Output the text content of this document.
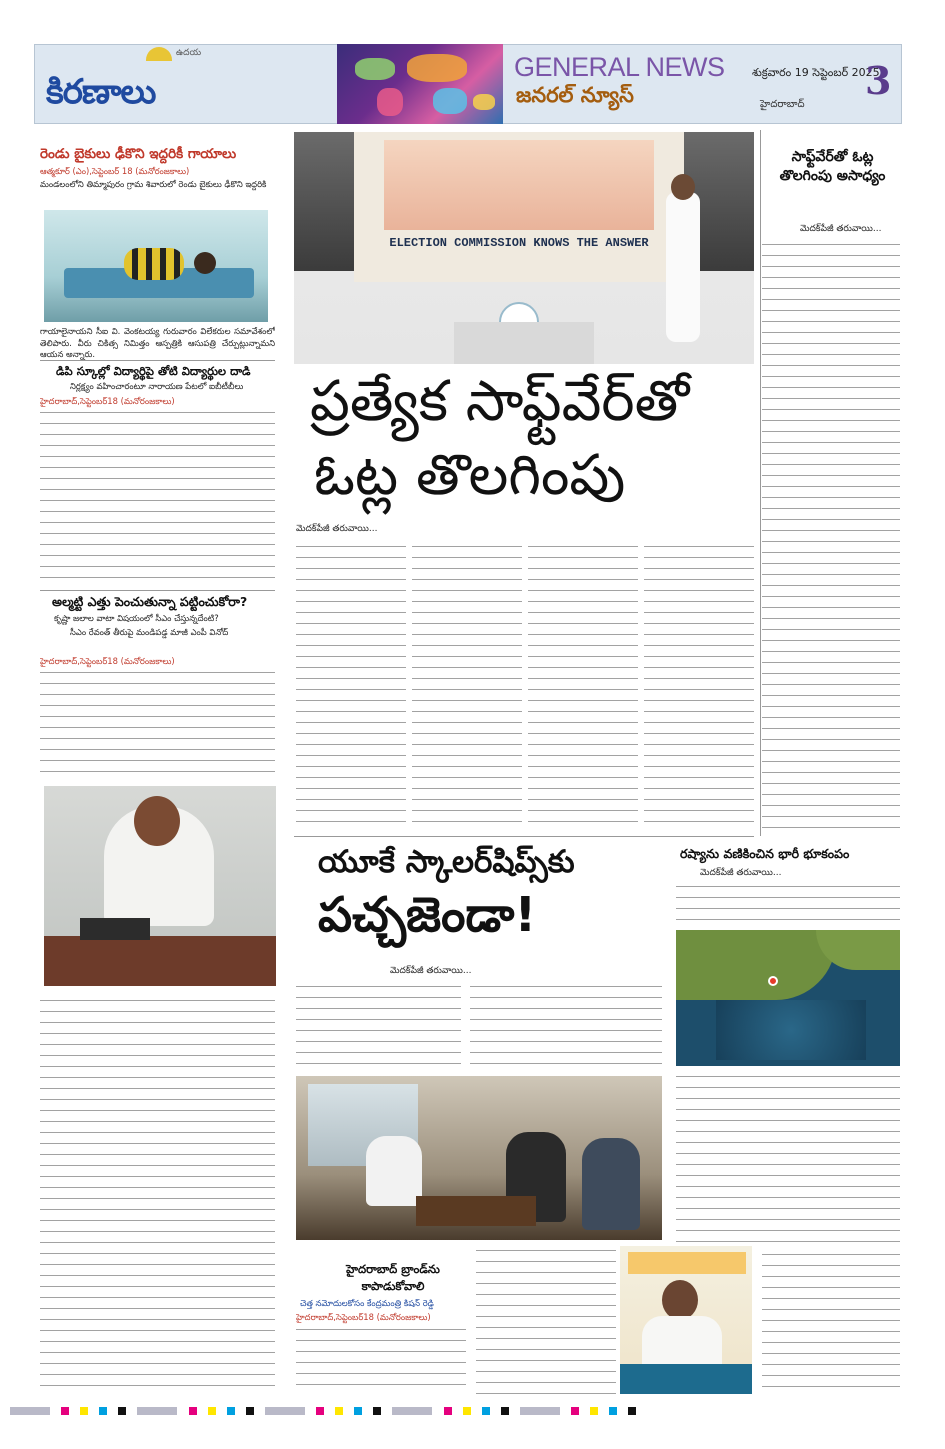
ఉదయ
కిరణాలు
GENERAL NEWS
జనరల్ న్యూస్
శుక్రవారం 19 సెప్టెంబర్ 2025
హైదరాబాద్
3
రెండు బైకులు ఢీకొని ఇద్దరికీ గాయాలు
ఆత్మకూర్ (ఎం),సెప్టెంబర్ 18 (మనోరంజకాలు)
మండలంలోని తిమ్మాపురం గ్రామ శివారులో రెండు బైకులు ఢీకొని ఇద్దరికి
గాయాలైనాయని సీఐ వి. వెంకటయ్య గురువారం విలేకరుల సమావేశంలో తెలిపారు. వీరు చికిత్స నిమిత్తం ఆస్పత్రికి ఆసుపత్రి చేర్పుట్లున్నామని ఆయన అన్నారు.
డిపి స్కూల్లో విద్యార్థిపై తోటి విద్యార్థుల దాడి
నిర్లక్ష్యం వహించారంటూ నారాయణ పేటలో ఐబీటీబీలు
హైదరాబాద్,సెప్టెంబర్18 (మనోరంజకాలు)
అల్మట్టి ఎత్తు పెంచుతున్నా పట్టించుకోరా?
కృష్ణా జలాల వాటా విషయంలో సీఎం చేస్తున్నదేంటి?
సీఎం రేవంత్ తీరుపై మండిపడ్డ మాజీ ఎంపీ వినోద్
హైదరాబాద్,సెప్టెంబర్18 (మనోరంజకాలు)
ELECTION COMMISSION KNOWS THE ANSWER
ప్రత్యేక సాఫ్ట్‌వేర్‌తో
ఓట్ల తొలగింపు
మెదక్‌పేజీ తరువాయి...
యూకే స్కాలర్‌షిప్స్‌కు
పచ్చజెండా!
మెదక్‌పేజీ తరువాయి...
హైదరాబాద్ బ్రాండ్‌ను కాపాడుకోవాలి
చెత్త నమోదులకోసం కేంద్రమంత్రి కిషన్ రెడ్డి
హైదరాబాద్,సెప్టెంబర్18 (మనోరంజకాలు)
సాఫ్ట్‌వేర్‌తో ఓట్ల తొలగింపు అసాధ్యం
మెదక్‌పేజీ తరువాయి...
రష్యాను వణికించిన భారీ భూకంపం
మెదక్‌పేజీ తరువాయి...
